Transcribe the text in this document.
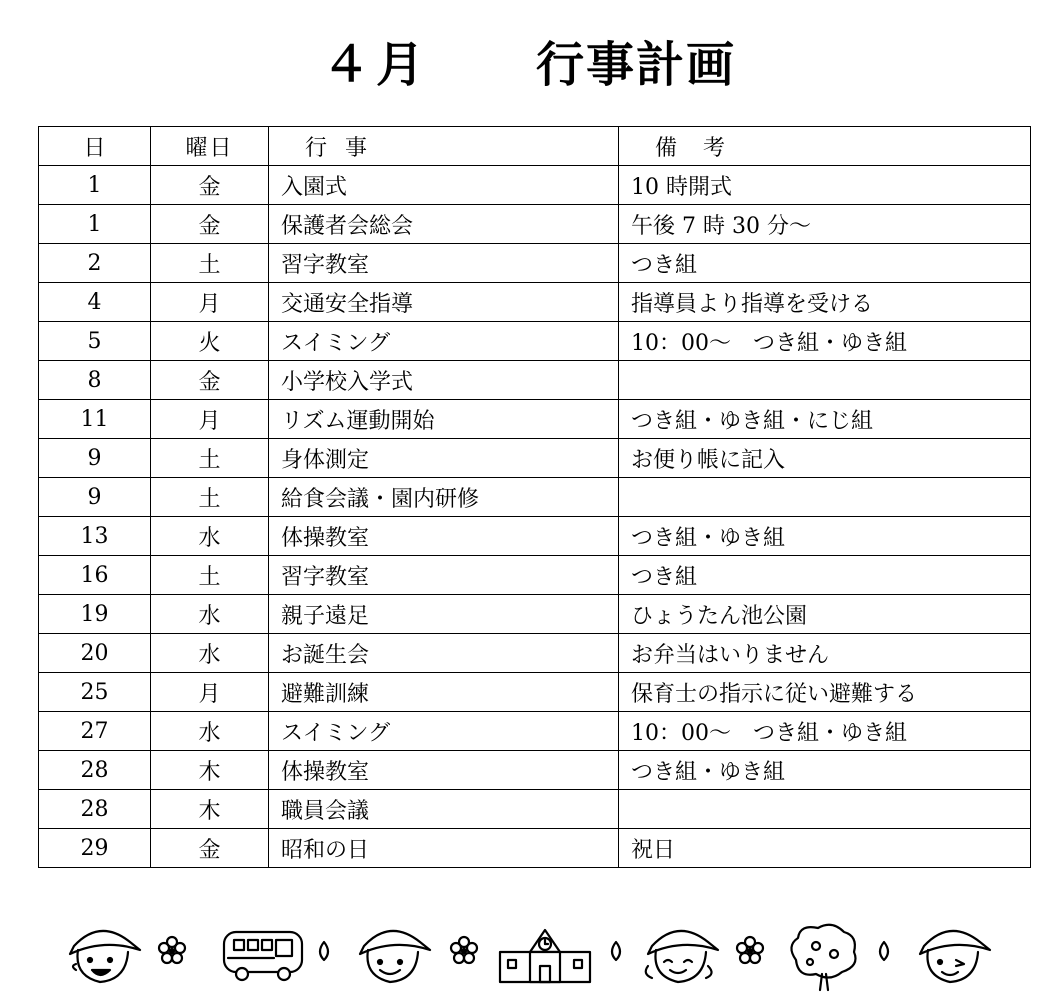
４月 行事計画
日	曜日	行事	備考
1	金	入園式	10 時開式
1	金	保護者会総会	午後 7 時 30 分～
2	土	習字教室	つき組
4	月	交通安全指導	指導員より指導を受ける
5	火	スイミング	10：00～　つき組・ゆき組
8	金	小学校入学式	
11	月	リズム運動開始	つき組・ゆき組・にじ組
9	土	身体測定	お便り帳に記入
9	土	給食会議・園内研修	
13	水	体操教室	つき組・ゆき組
16	土	習字教室	つき組
19	水	親子遠足	ひょうたん池公園
20	水	お誕生会	お弁当はいりません
25	月	避難訓練	保育士の指示に従い避難する
27	水	スイミング	10：00～　つき組・ゆき組
28	木	体操教室	つき組・ゆき組
28	木	職員会議	
29	金	昭和の日	祝日
